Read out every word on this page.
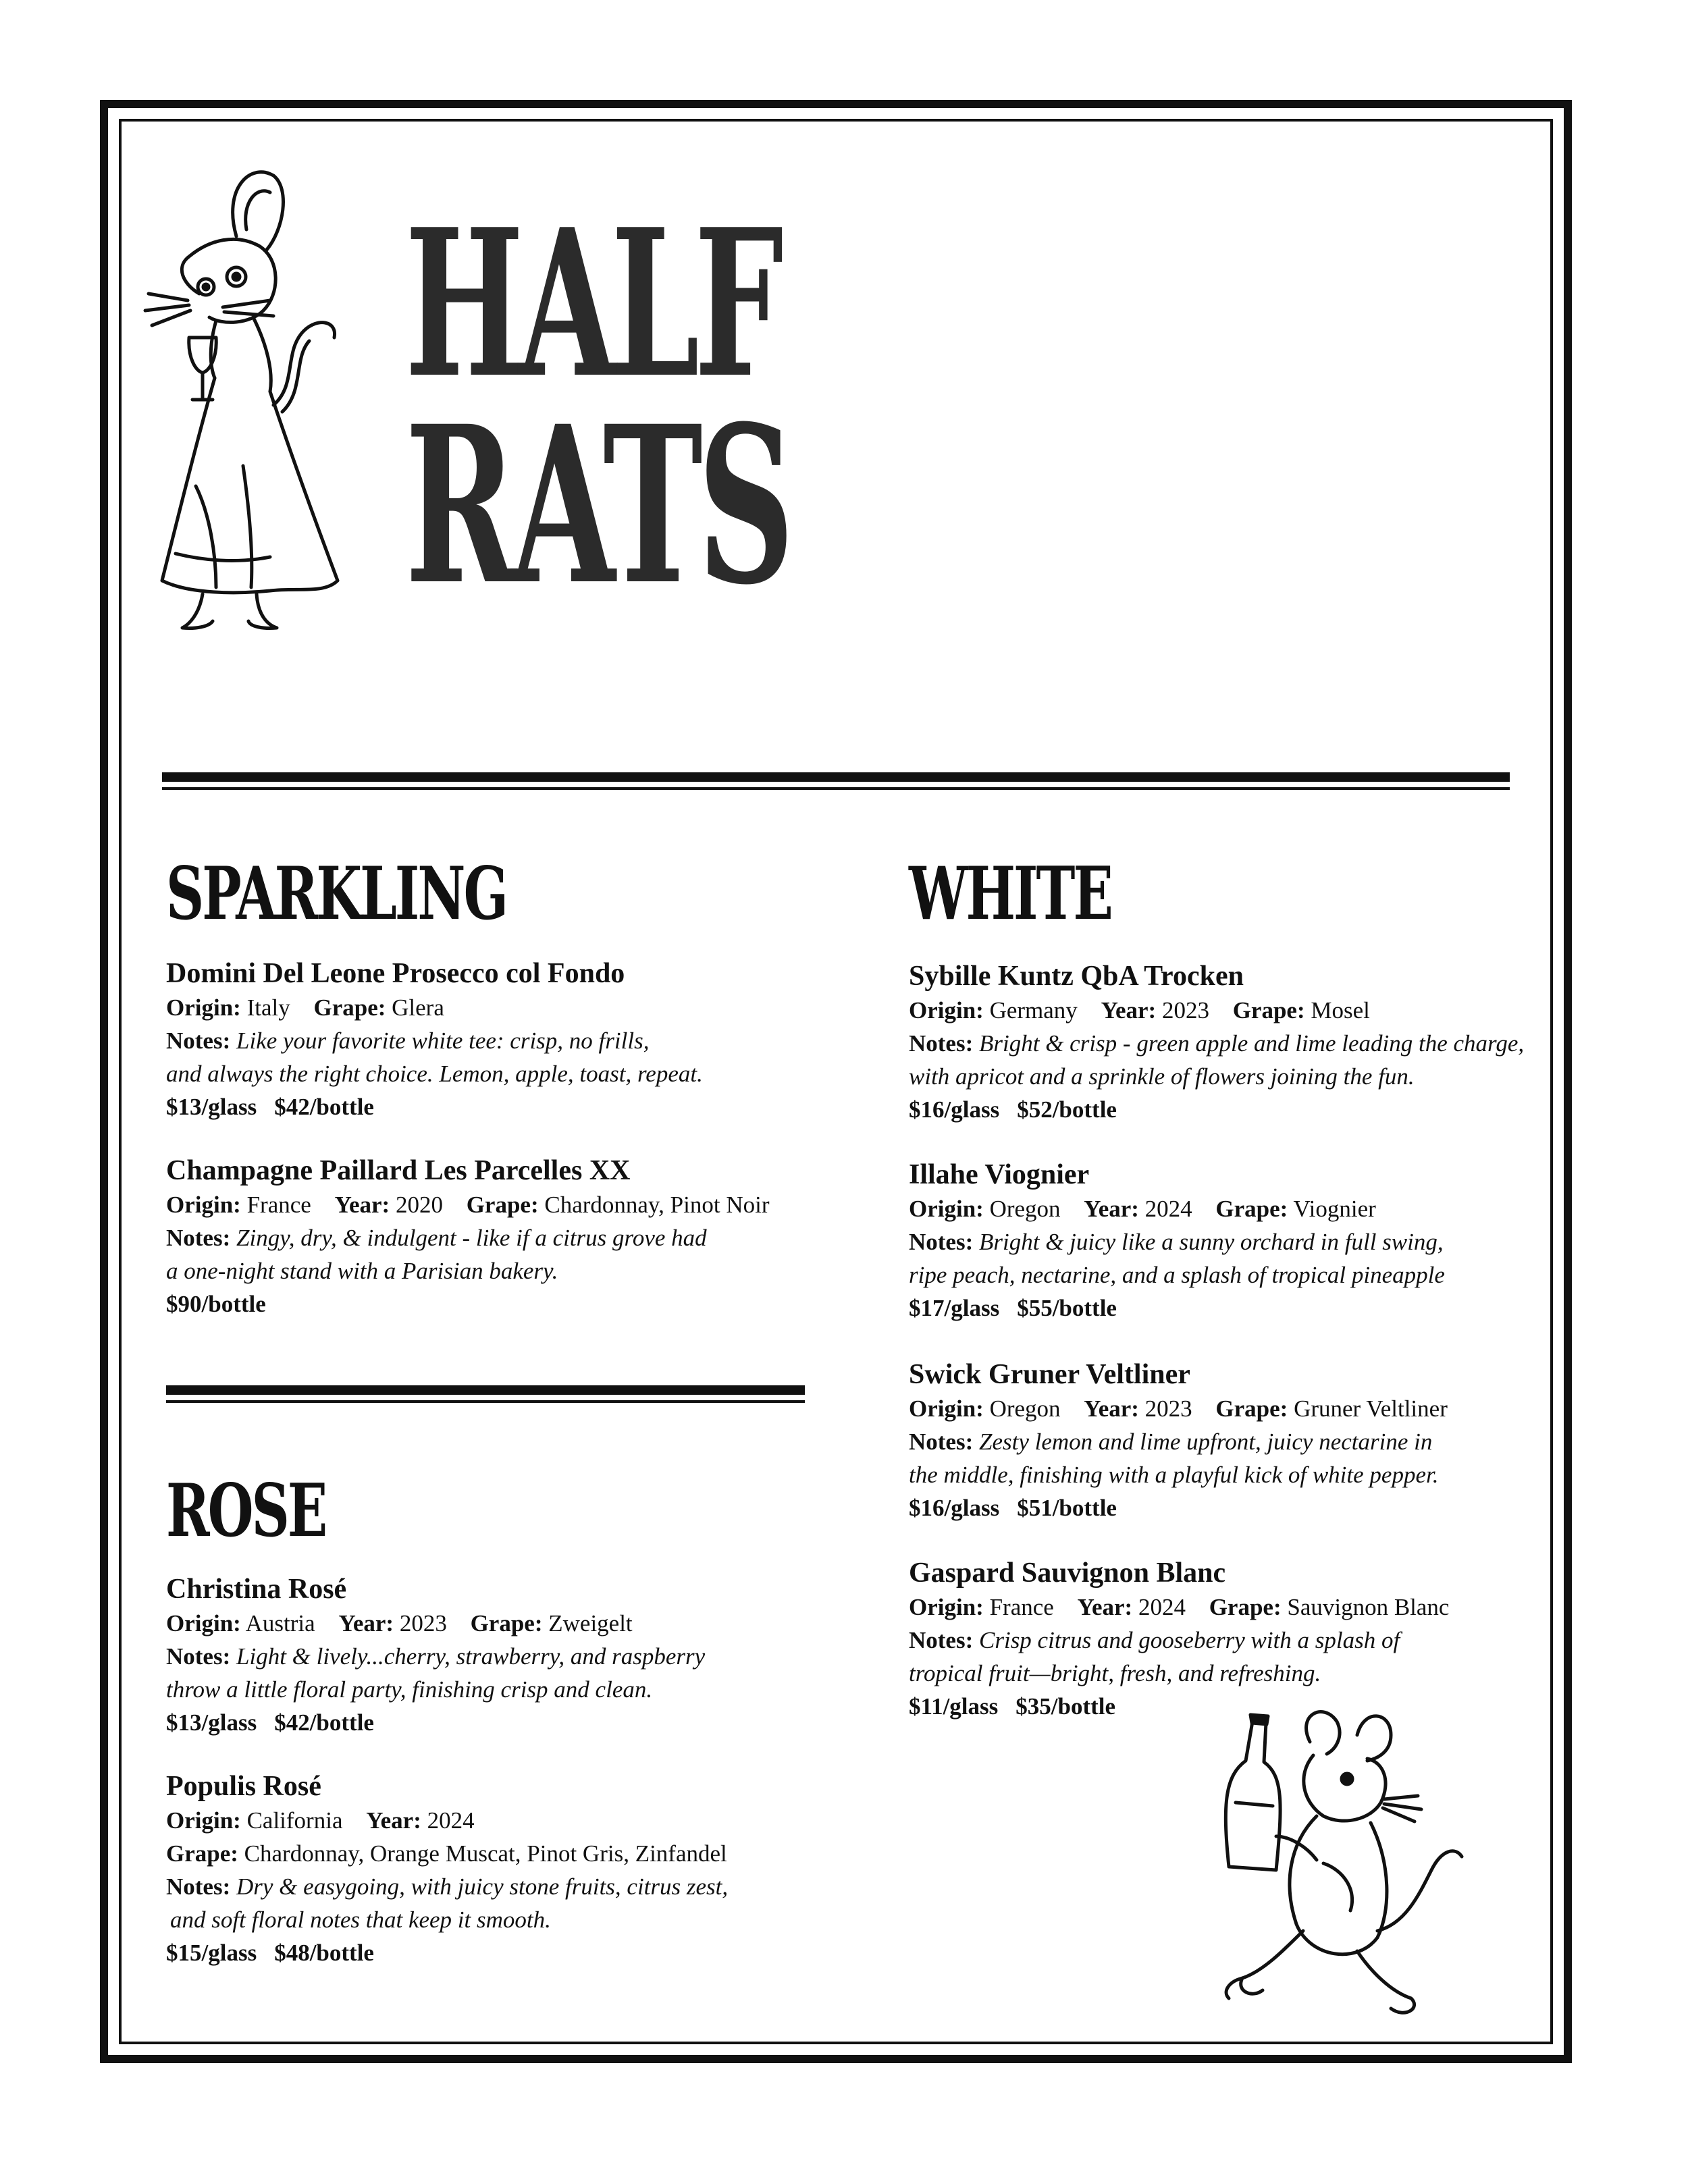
HALF
RATS
SPARKLING
Domini Del Leone Prosecco col Fondo
Origin: Italy Grape: Glera
Notes: Like your favorite white tee: crisp, no frills,
and always the right choice. Lemon, apple, toast, repeat.
$13/glass $42/bottle
Champagne Paillard Les Parcelles XX
Origin: France Year: 2020 Grape: Chardonnay, Pinot Noir
Notes: Zingy, dry, & indulgent - like if a citrus grove had
a one-night stand with a Parisian bakery.
$90/bottle
ROSE
Christina Rosé
Origin: Austria Year: 2023 Grape: Zweigelt
Notes: Light & lively...cherry, strawberry, and raspberry
throw a little floral party, finishing crisp and clean.
$13/glass $42/bottle
Populis Rosé
Origin: California Year: 2024
Grape: Chardonnay, Orange Muscat, Pinot Gris, Zinfandel
Notes: Dry & easygoing, with juicy stone fruits, citrus zest,
and soft floral notes that keep it smooth.
$15/glass $48/bottle
WHITE
Sybille Kuntz QbA Trocken
Origin: Germany Year: 2023 Grape: Mosel
Notes: Bright & crisp - green apple and lime leading the charge,
with apricot and a sprinkle of flowers joining the fun.
$16/glass $52/bottle
Illahe Viognier
Origin: Oregon Year: 2024 Grape: Viognier
Notes: Bright & juicy like a sunny orchard in full swing,
ripe peach, nectarine, and a splash of tropical pineapple
$17/glass $55/bottle
Swick Gruner Veltliner
Origin: Oregon Year: 2023 Grape: Gruner Veltliner
Notes: Zesty lemon and lime upfront, juicy nectarine in
the middle, finishing with a playful kick of white pepper.
$16/glass $51/bottle
Gaspard Sauvignon Blanc
Origin: France Year: 2024 Grape: Sauvignon Blanc
Notes: Crisp citrus and gooseberry with a splash of
tropical fruit—bright, fresh, and refreshing.
$11/glass $35/bottle
